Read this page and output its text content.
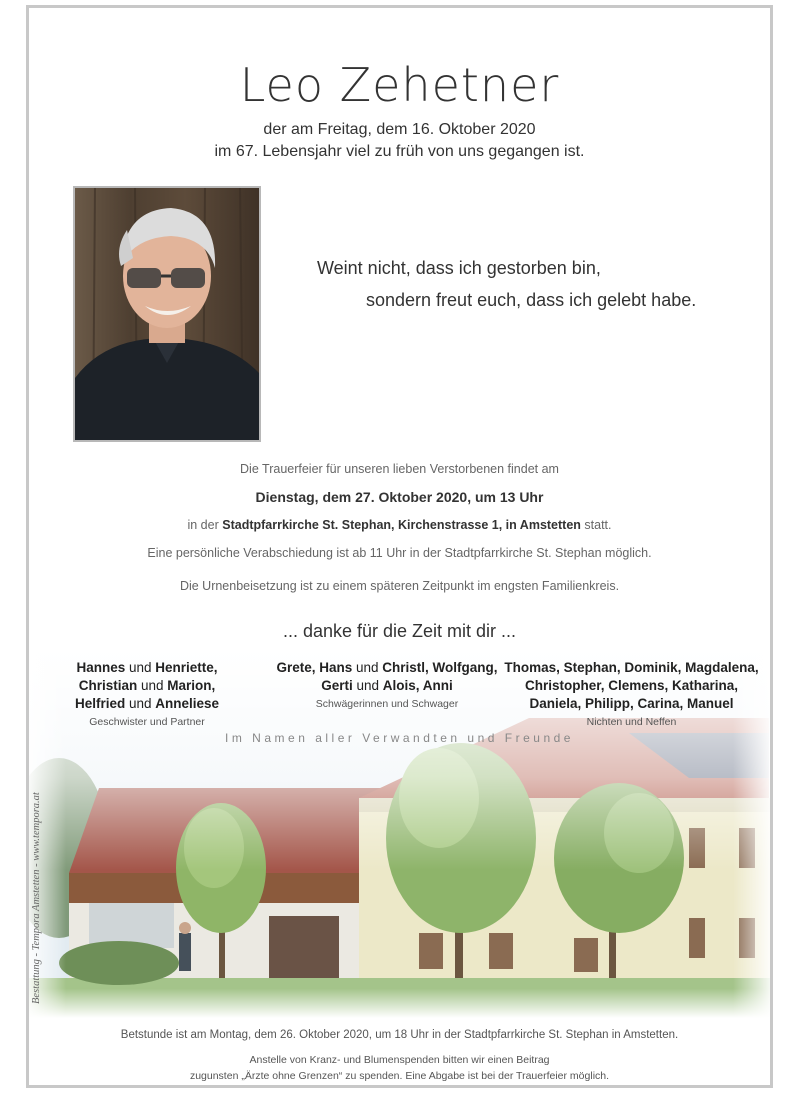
Leo Zehetner
der am Freitag, dem 16. Oktober 2020
im 67. Lebensjahr viel zu früh von uns gegangen ist.
Weint nicht, dass ich gestorben bin,
sondern freut euch, dass ich gelebt habe.
Die Trauerfeier für unseren lieben Verstorbenen findet am
Dienstag, dem 27. Oktober 2020, um 13 Uhr
in der Stadtpfarrkirche St. Stephan, Kirchenstrasse 1, in Amstetten statt.
Eine persönliche Verabschiedung ist ab 11 Uhr in der Stadtpfarrkirche St. Stephan möglich.
Die Urnenbeisetzung ist zu einem späteren Zeitpunkt im engsten Familienkreis.
... danke für die Zeit mit dir ...
Hannes und Henriette,
Christian und Marion,
Helfried und Anneliese
Geschwister und Partner
Grete, Hans und Christl, Wolfgang,
Gerti und Alois, Anni
Schwägerinnen und Schwager
Thomas, Stephan, Dominik, Magdalena,
Christopher, Clemens, Katharina,
Daniela, Philipp, Carina, Manuel
Nichten und Neffen
Im Namen aller Verwandten und Freunde
Bestattung - Tempora Amstetten - www.tempora.at
Betstunde ist am Montag, dem 26. Oktober 2020, um 18 Uhr in der Stadtpfarrkirche St. Stephan in Amstetten.
Anstelle von Kranz- und Blumenspenden bitten wir einen Beitrag
zugunsten „Ärzte ohne Grenzen“ zu spenden. Eine Abgabe ist bei der Trauerfeier möglich.
